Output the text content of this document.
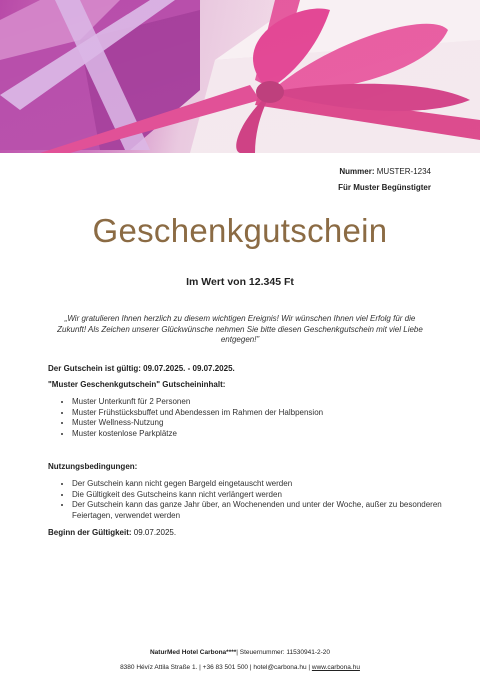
Nummer: MUSTER-1234
Für Muster Begünstigter
Geschenkgutschein
Im Wert von 12.345 Ft
„Wir gratulieren Ihnen herzlich zu diesem wichtigen Ereignis! Wir wünschen Ihnen viel Erfolg für die Zukunft! Als Zeichen unserer Glückwünsche nehmen Sie bitte diesen Geschenkgutschein mit viel Liebe entgegen!”
Der Gutschein ist gültig: 09.07.2025. - 09.07.2025.
"Muster Geschenkgutschein" Gutscheininhalt:
• Muster Unterkunft für 2 Personen
• Muster Frühstücksbuffet und Abendessen im Rahmen der Halbpension
• Muster Wellness-Nutzung
• Muster kostenlose Parkplätze
Nutzungsbedingungen:
• Der Gutschein kann nicht gegen Bargeld eingetauscht werden
• Die Gültigkeit des Gutscheins kann nicht verlängert werden
• Der Gutschein kann das ganze Jahr über, an Wochenenden und unter der Woche, außer zu besonderen Feiertagen, verwendet werden
Beginn der Gültigkeit: 09.07.2025.
NaturMed Hotel Carbona****| Steuernummer: 11530941-2-20
8380 Hévíz Attila Straße 1. | +36 83 501 500 | hotel@carbona.hu | www.carbona.hu
